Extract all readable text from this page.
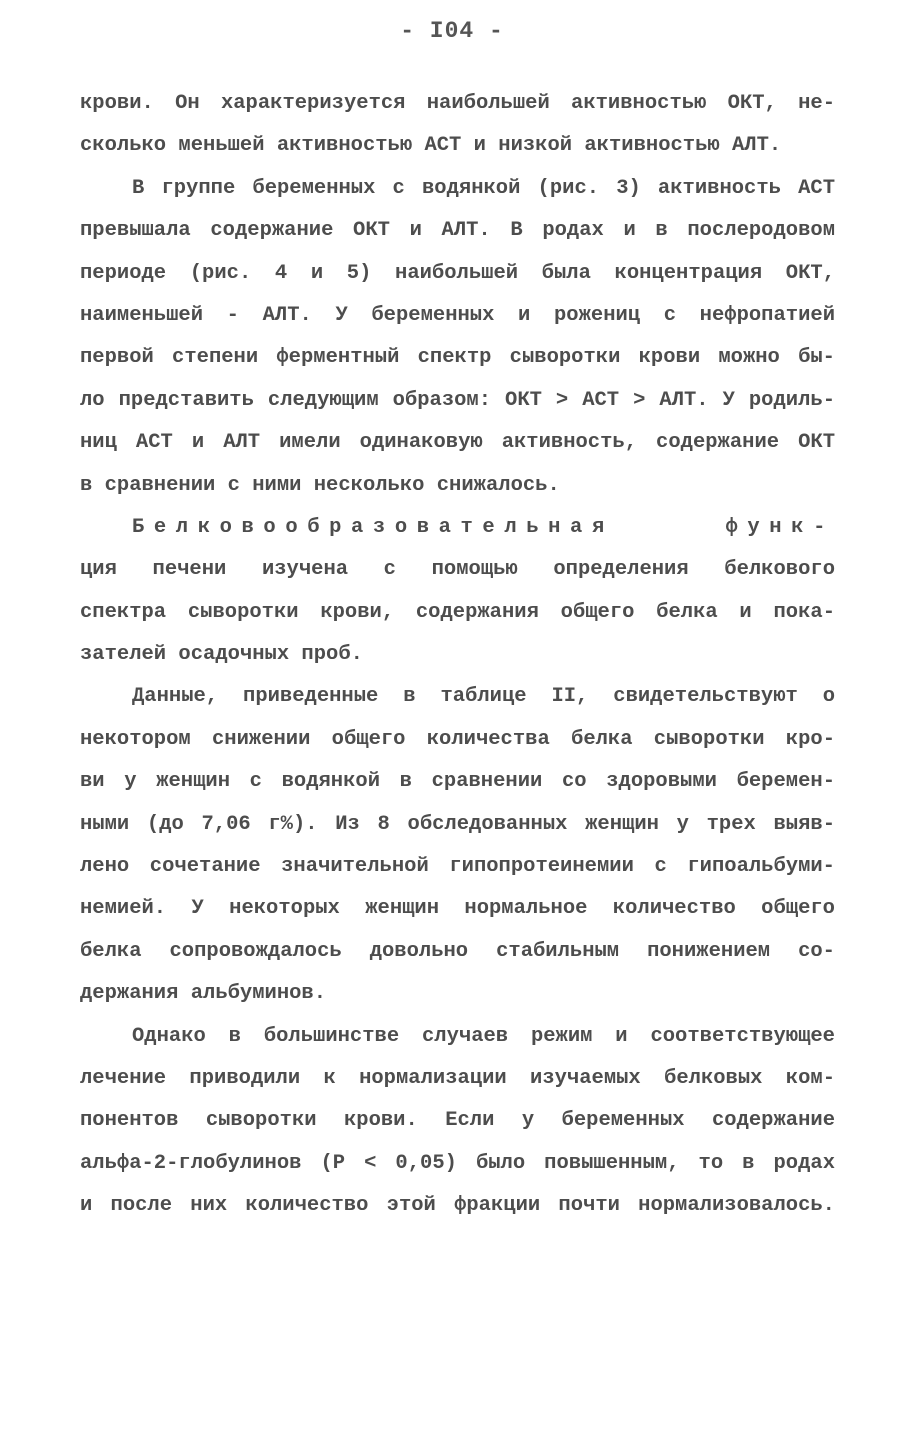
- I04 -
крови. Он характеризуется наибольшей активностью ОКТ, не-
сколько меньшей активностью АСТ и низкой активностью АЛТ.
В группе беременных с водянкой (рис. 3) активность АСТ
превышала содержание ОКТ и АЛТ. В родах и в послеродовом
периоде (рис. 4 и 5) наибольшей была концентрация ОКТ,
наименьшей - АЛТ. У беременных и рожениц с нефропатией
первой степени ферментный спектр сыворотки крови можно бы-
ло представить следующим образом: ОКТ > АСТ > АЛТ. У родиль-
ниц АСТ и АЛТ имели одинаковую активность, содержание ОКТ
в сравнении с ними несколько снижалось.
Белковообразовательная функ-
ция печени изучена с помощью определения белкового
спектра сыворотки крови, содержания общего белка и пока-
зателей осадочных проб.
Данные, приведенные в таблице II, свидетельствуют о
некотором снижении общего количества белка сыворотки кро-
ви у женщин с водянкой в сравнении со здоровыми беремен-
ными (до 7,06 г%). Из 8 обследованных женщин у трех выяв-
лено сочетание значительной гипопротеинемии с гипоальбуми-
немией. У некоторых женщин нормальное количество общего
белка сопровождалось довольно стабильным понижением со-
держания альбуминов.
Однако в большинстве случаев режим и соответствующее
лечение приводили к нормализации изучаемых белковых ком-
понентов сыворотки крови. Если у беременных содержание
альфа-2-глобулинов (P < 0,05) было повышенным, то в родах
и после них количество этой фракции почти нормализовалось.
